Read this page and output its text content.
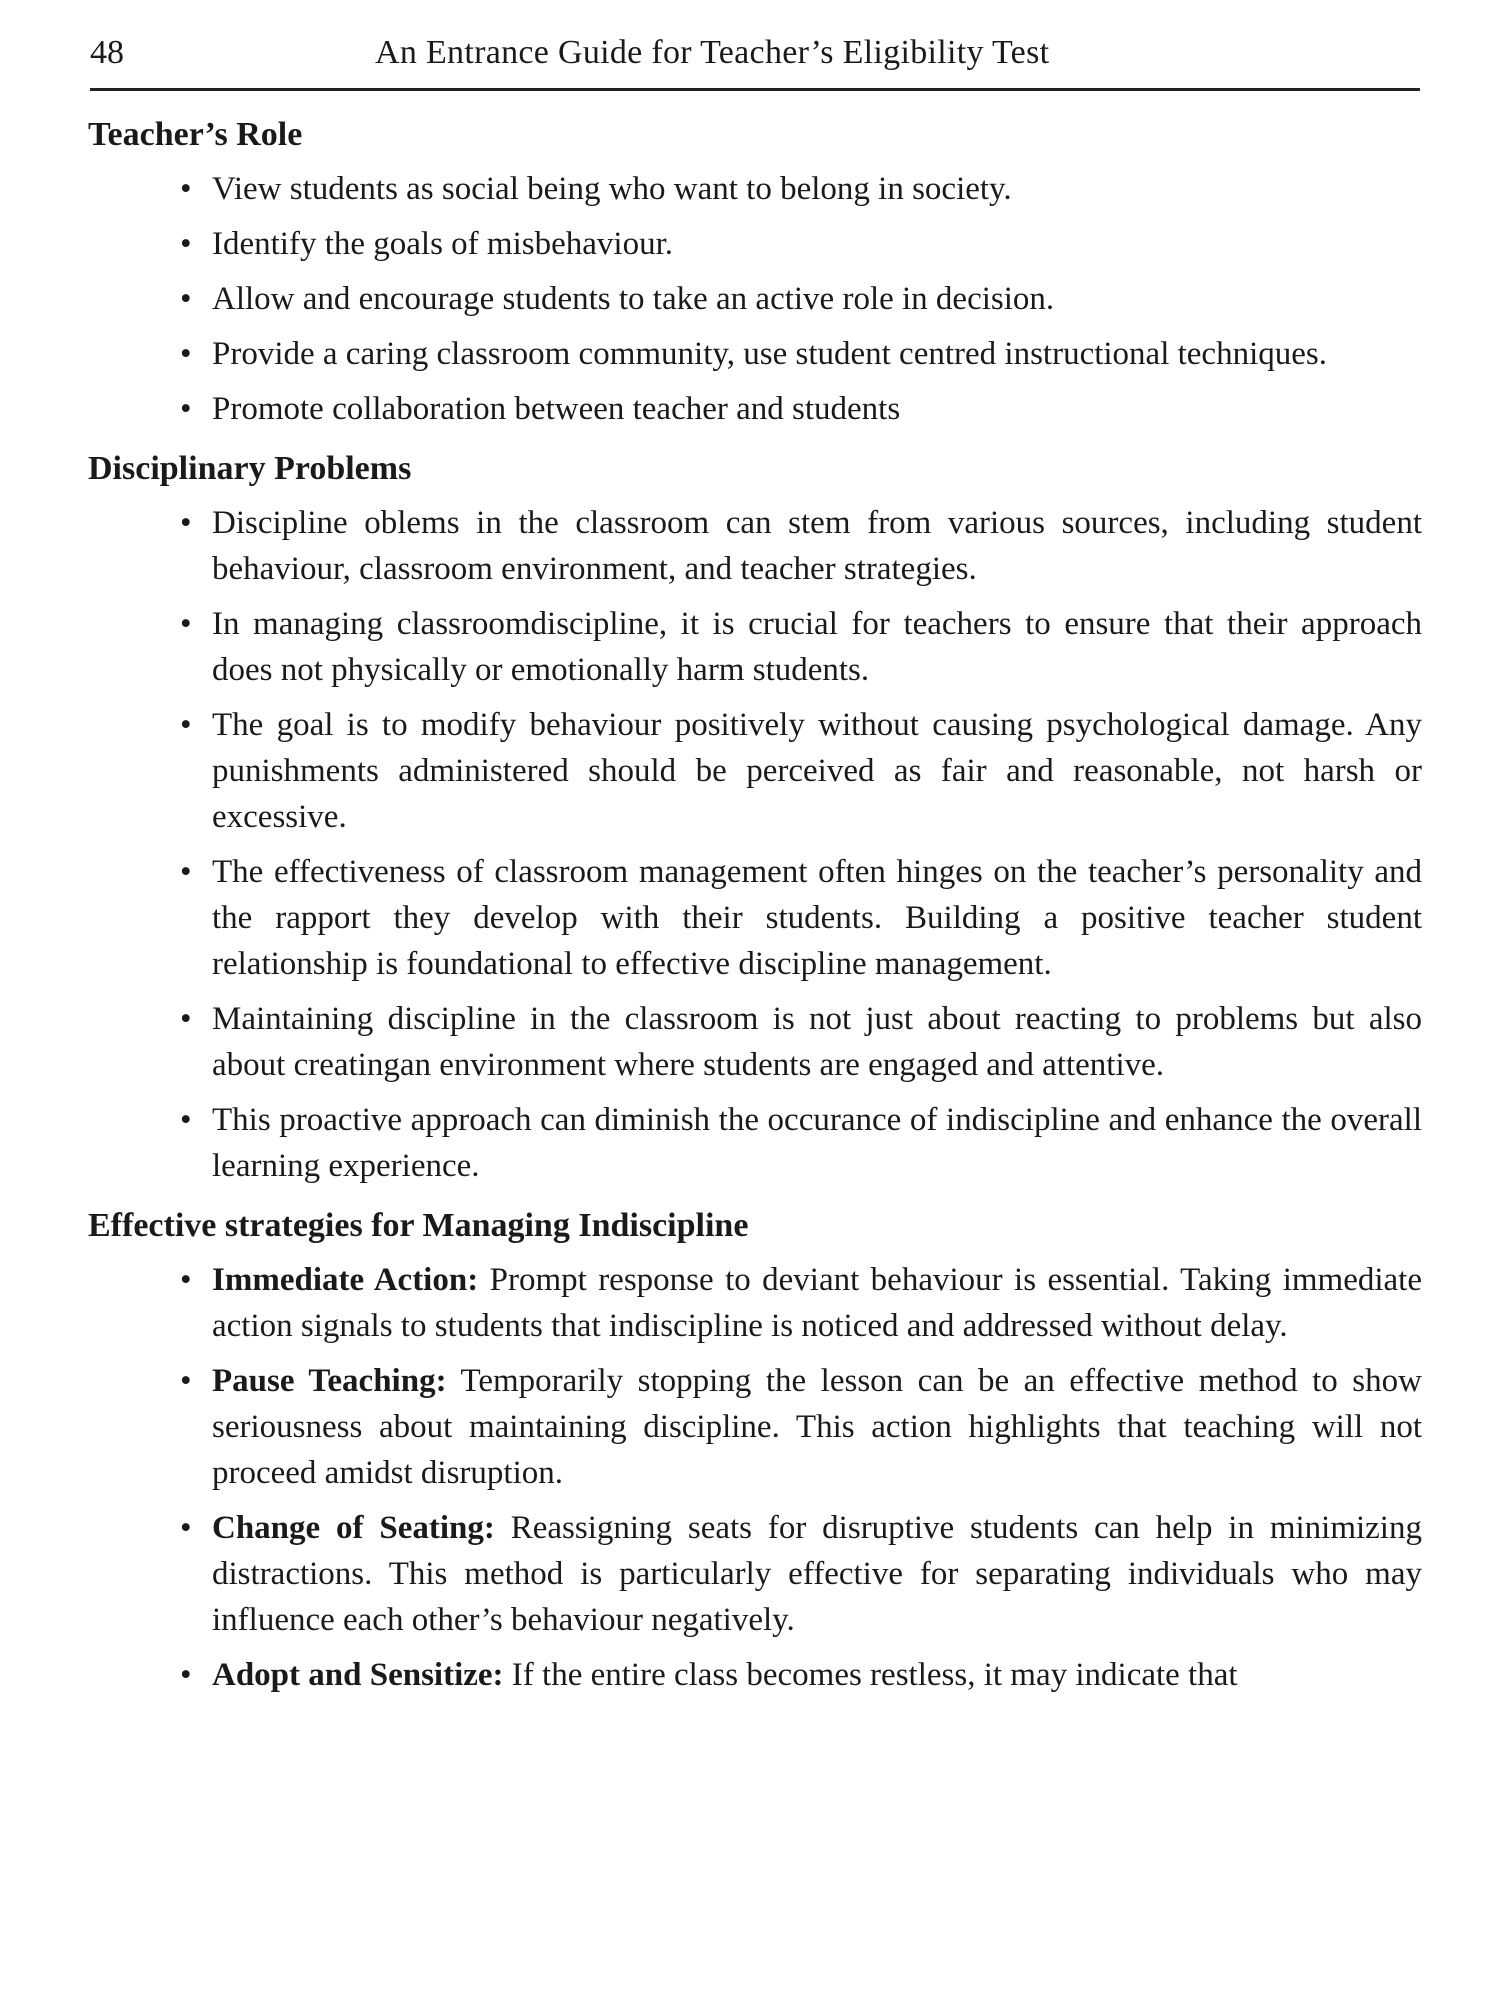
48	An Entrance Guide for Teacher’s Eligibility Test
Teacher’s Role
• View students as social being who want to belong in society.
• Identify the goals of misbehaviour.
• Allow and encourage students to take an active role in decision.
• Provide a caring classroom community, use student centred instructional techniques.
• Promote collaboration between teacher and students
Disciplinary Problems
• Discipline oblems in the classroom can stem from various sources, including student behaviour, classroom environment, and teacher strategies.
• In managing classroomdiscipline, it is crucial for teachers to ensure that their approach does not physically or emotionally harm students.
• The goal is to modify behaviour positively without causing psychological damage. Any punishments administered should be perceived as fair and reasonable, not harsh or excessive.
• The effectiveness of classroom management often hinges on the teacher’s personality and the rapport they develop with their students. Building a positive teacher student relationship is foundational to effective discipline management.
• Maintaining discipline in the classroom is not just about reacting to problems but also about creatingan environment where students are engaged and attentive.
• This proactive approach can diminish the occurance of indiscipline and enhance the overall learning experience.
Effective strategies for Managing Indiscipline
• Immediate Action: Prompt response to deviant behaviour is essential. Taking immediate action signals to students that indiscipline is noticed and addressed without delay.
• Pause Teaching: Temporarily stopping the lesson can be an effective method to show seriousness about maintaining discipline. This action highlights that teaching will not proceed amidst disruption.
• Change of Seating: Reassigning seats for disruptive students can help in minimizing distractions. This method is particularly effective for separating individuals who may influence each other’s behaviour negatively.
• Adopt and Sensitize: If the entire class becomes restless, it may indicate that
